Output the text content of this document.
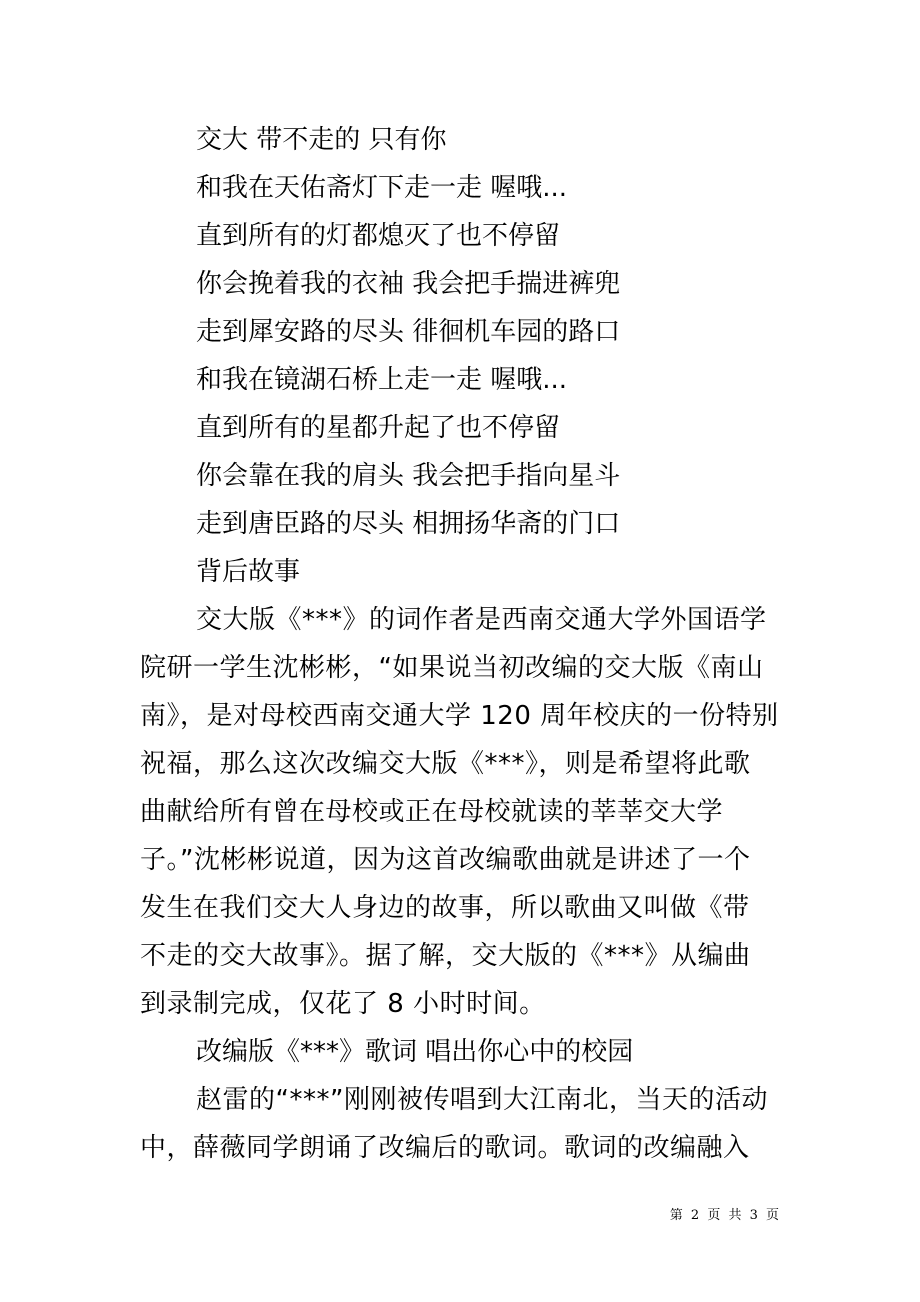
交大 带不走的 只有你

和我在天佑斋灯下走一走 喔哦...

直到所有的灯都熄灭了也不停留

你会挽着我的衣袖 我会把手揣进裤兜

走到犀安路的尽头 徘徊机车园的路口

和我在镜湖石桥上走一走 喔哦...

直到所有的星都升起了也不停留

你会靠在我的肩头 我会把手指向星斗

走到唐臣路的尽头 相拥扬华斋的门口

背后故事

交大版《***》的词作者是西南交通大学外国语学
院研一学生沈彬彬，“如果说当初改编的交大版《南山
南》，是对母校西南交通大学 120 周年校庆的一份特别
祝福，那么这次改编交大版《***》，则是希望将此歌
曲献给所有曾在母校或正在母校就读的莘莘交大学
子。”沈彬彬说道，因为这首改编歌曲就是讲述了一个
发生在我们交大人身边的故事，所以歌曲又叫做《带
不走的交大故事》。据了解，交大版的《***》从编曲
到录制完成，仅花了 8 小时时间。

改编版《***》歌词 唱出你心中的校园

赵雷的“***”刚刚被传唱到大江南北，当天的活动
中，薛薇同学朗诵了改编后的歌词。歌词的改编融入
第 2 页 共 3 页
